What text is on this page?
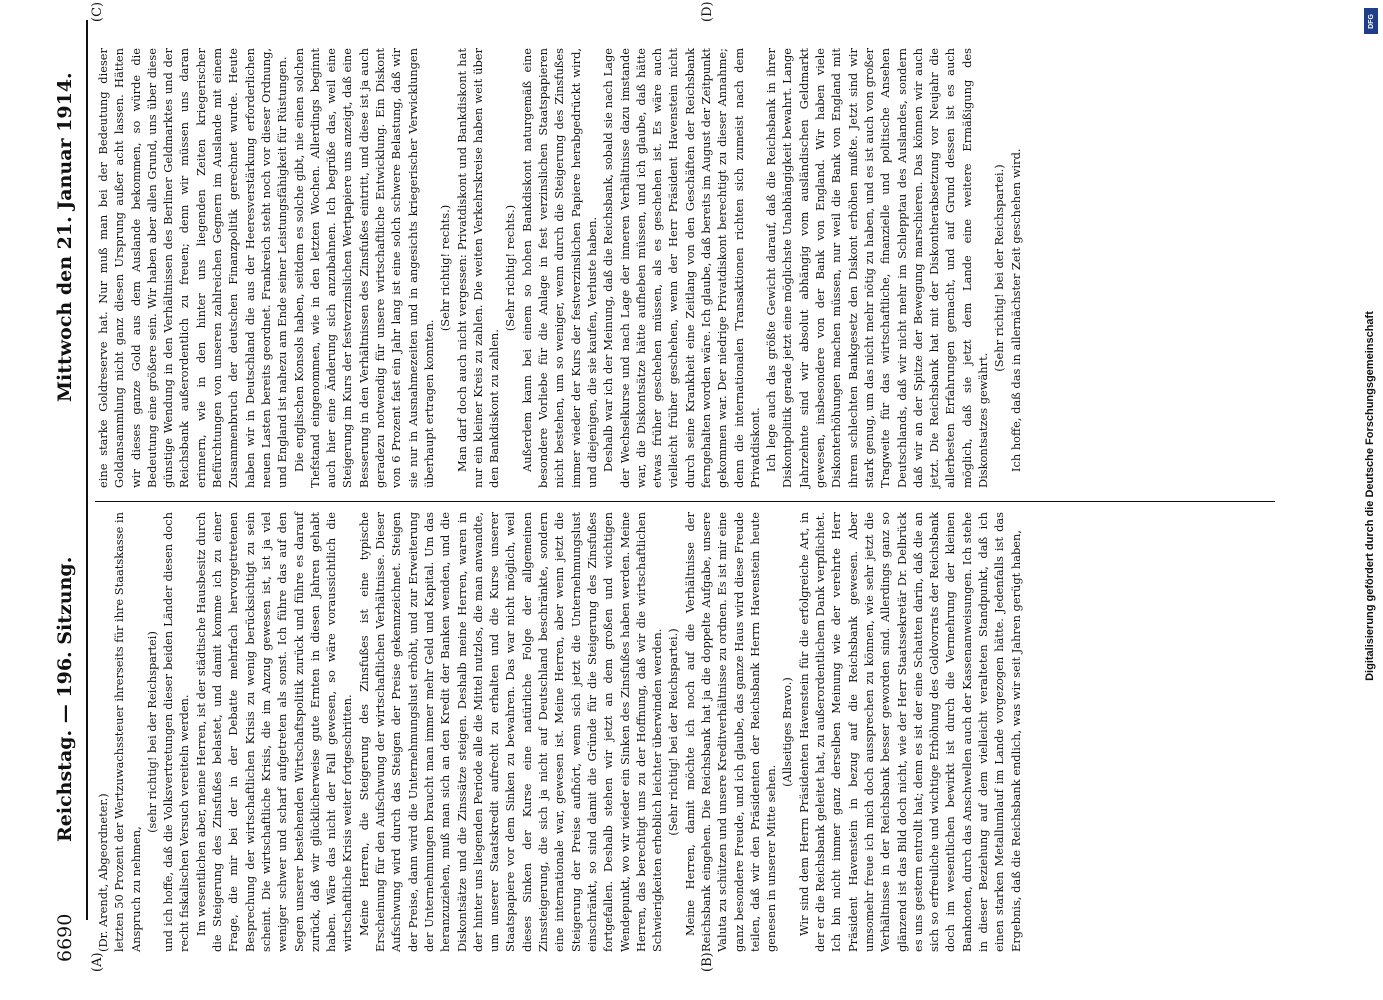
6690
Reichstag. — 196. Sitzung.
Mittwoch den 21. Januar 1914.
(A)	(B)
(C)	(D)

(Dr. Arendt, Abgeordneter.) letzten 50 Prozent der Wertzuwachssteuer ihrerseits für ihre Staatskasse in Anspruch zu nehmen,

(sehr richtig! bei der Reichspartei) und ich hoffe, daß die Volksvertretungen dieser beiden Länder diesen doch recht fiskalischen Versuch vereiteln werden. Im wesentlichen aber, meine Herren, ist der städtische Hausbesitz durch die Steigerung des Zinsfußes belastet, und damit komme ich zu einer Frage, die mir bei der in der Debatte mehrfach hervorgetretenen Besprechung der wirtschaftlichen Krisis zu wenig berücksichtigt zu sein scheint. Die wirtschaftliche Krisis, die im Anzug gewesen ist, ist ja viel weniger schwer und scharf aufgetreten als sonst. Ich führe das auf den Segen unserer bestehenden Wirtschaftspolitik zurück und führe es darauf zurück, daß wir glücklicherweise gute Ernten in diesen Jahren gehabt haben. Wäre das nicht der Fall gewesen, so wäre voraussichtlich die wirtschaftliche Krisis weiter fortgeschritten. Meine Herren, die Steigerung des Zinsfußes ist eine typische Erscheinung für den Aufschwung der wirtschaftlichen Verhältnisse. Dieser Aufschwung wird durch das Steigen der Preise gekennzeichnet. Steigen der Preise, dann wird die Unternehmungslust erhöht, und zur Erweiterung der Unternehmungen braucht man immer mehr Geld und Kapital. Um das heranzuziehen, muß man sich an den Kredit der Banken wenden, und die Diskontsätze und die Zinssätze steigen. Deshalb meine Herren, waren in der hinter uns liegenden Periode alle die Mittel nutzlos, die man anwandte, um unserer Staatskredit aufrecht zu erhalten und die Kurse unserer Staatspapiere vor dem Sinken zu bewahren. Das war nicht möglich, weil dieses Sinken der Kurse eine natürliche Folge der allgemeinen Zinssteigerung, die sich ja nicht auf Deutschland beschränkte, sondern eine internationale war, gewesen ist. Meine Herren, aber wenn jetzt die Steigerung der Preise aufhört, wenn sich jetzt die Unternehmungslust einschränkt, so sind damit die Gründe für die Steigerung des Zinsfußes fortgefallen. Deshalb stehen wir jetzt an dem großen und wichtigen Wendepunkt, wo wir wieder ein Sinken des Zinsfußes haben werden. Meine Herren, das berechtigt uns zu der Hoffnung, daß wir die wirtschaftlichen Schwierigkeiten erheblich leichter überwinden werden. (Sehr richtig! bei der Reichspartei.) Meine Herren, damit möchte ich noch auf die Verhältnisse der Reichsbank eingehen. Die Reichsbank hat ja die doppelte Aufgabe, unsere Valuta zu schützen und unsere Kreditverhältnisse zu ordnen. Es ist mir eine ganz besondere Freude, und ich glaube, das ganze Haus wird diese Freude teilen, daß wir den Präsidenten der Reichsbank Herrn Havenstein heute genesen in unserer Mitte sehen.

(Allseitiges Bravo.) Wir sind dem Herrn Präsidenten Havenstein für die erfolgreiche Art, in der er die Reichsbank geleitet hat, zu außerordentlichem Dank verpflichtet. Ich bin nicht immer ganz derselben Meinung wie der verehrte Herr Präsident Havenstein in bezug auf die Reichsbank gewesen. Aber umsomehr freue ich mich doch aussprechen zu können, wie sehr jetzt die Verhältnisse in der Reichsbank besser geworden sind. Allerdings ganz so glänzend ist das Bild doch nicht, wie der Herr Staatssekretär Dr. Delbrück es uns gestern entrollt hat; denn es ist der eine Schatten darin, daß die an sich so erfreuliche und wichtige Erhöhung des Goldvorrats der Reichsbank doch im wesentlichen bewirkt ist durch die Vermehrung der kleinen Banknoten, durch das Anschwellen auch der Kassenanweisungen. Ich stehe in dieser Beziehung auf dem vielleicht veralteten Standpunkt, daß ich einen starken Metallumlauf im Lande vorgezogen hätte. Jedenfalls ist das Ergebnis, daß die Reichsbank endlich, was wir seit Jahren gerügt haben,

eine starke Goldreserve hat. Nur muß man bei der Bedeutung dieser Goldansammlung nicht ganz diesen Ursprung außer acht lassen. Hätten wir dieses ganze Gold aus dem Auslande bekommen, so würde die Bedeutung eine größere sein. Wir haben aber allen Grund, uns über diese günstige Wendung in den Verhältnissen des Berliner Geldmarktes und der Reichsbank außerordentlich zu freuen; denn wir müssen uns daran erinnern, wie in den hinter uns liegenden Zeiten kriegerischer Befürchtungen von unseren zahlreichen Gegnern im Auslande mit einem Zusammenbruch der deutschen Finanzpolitik gerechnet wurde. Heute haben wir in Deutschland die aus der Heeresverstärkung erforderlichen neuen Lasten bereits geordnet. Frankreich steht noch vor dieser Ordnung, und England ist nahezu am Ende seiner Leistungsfähigkeit für Rüstungen. Die englischen Konsols haben, seitdem es solche gibt, nie einen solchen Tiefstand eingenommen, wie in den letzten Wochen. Allerdings beginnt auch hier eine Änderung sich anzubahnen. Ich begrüße das, weil eine Steigerung im Kurs der festverzinslichen Wertpapiere uns anzeigt, daß eine Besserung in den Verhältnissen des Zinsfußes eintritt, und diese ist ja auch geradezu notwendig für unsere wirtschaftliche Entwicklung. Ein Diskont von 6 Prozent fast ein Jahr lang ist eine solch schwere Belastung, daß wir sie nur in Ausnahmezeiten und in angesichts kriegerischer Verwicklungen überhaupt ertragen konnten.

(Sehr richtig! rechts.) Man darf doch auch nicht vergessen: Privatdiskont und Bankdiskont hat nur ein kleiner Kreis zu zahlen. Die weiten Verkehrskreise haben weit über den Bankdiskont zu zahlen.

(Sehr richtig! rechts.) Außerdem kann bei einem so hohen Bankdiskont naturgemäß eine besondere Vorliebe für die Anlage in fest verzinslichen Staatspapieren nicht bestehen, um so weniger, wenn durch die Steigerung des Zinsfußes immer wieder der Kurs der festverzinslichen Papiere herabgedrückt wird, und diejenigen, die sie kaufen, Verluste haben. Deshalb war ich der Meinung, daß die Reichsbank, sobald sie nach Lage der Wechselkurse und nach Lage der inneren Verhältnisse dazu imstande war, die Diskontsätze hätte aufheben müssen, und ich glaube, daß hätte etwas früher geschehen müssen, als es geschehen ist. Es wäre auch vielleicht früher geschehen, wenn der Herr Präsident Havenstein nicht durch seine Krankheit eine Zeitlang von den Geschäften der Reichsbank ferngehalten worden wäre. Ich glaube, daß bereits im August der Zeitpunkt gekommen war. Der niedrige Privatdiskont berechtigt zu dieser Annahme; denn die internationalen Transaktionen richten sich zumeist nach dem Privatdiskont. Ich lege auch das größte Gewicht darauf, daß die Reichsbank in ihrer Diskontpolitik gerade jetzt eine möglichste Unabhängigkeit bewahrt. Lange Jahrzehnte sind wir absolut abhängig vom ausländischen Geldmarkt gewesen, insbesondere von der Bank von England. Wir haben viele Diskonterhöhungen machen müssen, nur weil die Bank von England mit ihrem schlechten Bankgesetz den Diskont erhöhen mußte. Jetzt sind wir stark genug, um das nicht mehr nötig zu haben, und es ist auch von großer Tragweite für das wirtschaftliche, finanzielle und politische Ansehen Deutschlands, daß wir nicht mehr im Schlepptau des Auslandes, sondern daß wir an der Spitze der Bewegung marschieren. Das können wir auch jetzt. Die Reichsbank hat mit der Diskontherabsetzung vor Neujahr die allerbesten Erfahrungen gemacht, und auf Grund dessen ist es auch möglich, daß sie jetzt dem Lande eine weitere Ermäßigung des Diskontsatzes gewährt.

(Sehr richtig! bei der Reichspartei.) Ich hoffe, daß das in allernächster Zeit geschehen wird.

DFG
Digitalisierung gefördert durch die Deutsche Forschungsgemeinschaft
